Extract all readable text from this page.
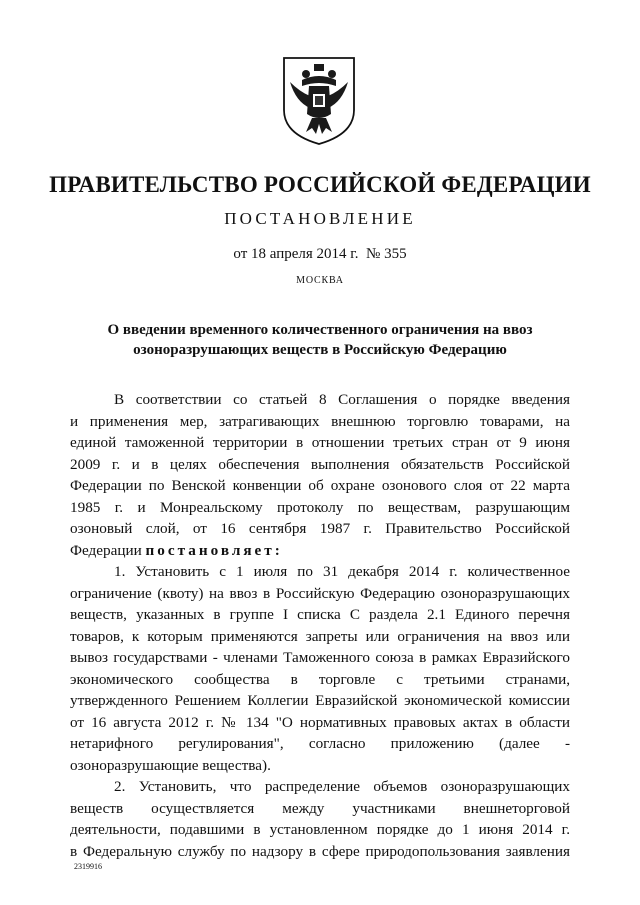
ПРАВИТЕЛЬСТВО РОССИЙСКОЙ ФЕДЕРАЦИИ
ПОСТАНОВЛЕНИЕ
от 18 апреля 2014 г. № 355
МОСКВА
О введении временного количественного ограничения на ввоз
озоноразрушающих веществ в Российскую Федерацию
В соответствии со статьей 8 Соглашения о порядке введения
и применения мер, затрагивающих внешнюю торговлю товарами, на
единой таможенной территории в отношении третьих стран от 9 июня
2009 г. и в целях обеспечения выполнения обязательств Российской
Федерации по Венской конвенции об охране озонового слоя от 22 марта
1985 г. и Монреальскому протоколу по веществам, разрушающим
озоновый слой, от 16 сентября 1987 г. Правительство Российской
Федерации постановляет:
1. Установить с 1 июля по 31 декабря 2014 г. количественное
ограничение (квоту) на ввоз в Российскую Федерацию озоноразрушающих
веществ, указанных в группе I списка С раздела 2.1 Единого перечня
товаров, к которым применяются запреты или ограничения на ввоз или
вывоз государствами - членами Таможенного союза в рамках Евразийского
экономического сообщества в торговле с третьими странами,
утвержденного Решением Коллегии Евразийской экономической комиссии
от 16 августа 2012 г. № 134 "О нормативных правовых актах в области
нетарифного регулирования", согласно приложению (далее -
озоноразрушающие вещества).
2. Установить, что распределение объемов озоноразрушающих
веществ осуществляется между участниками внешнеторговой
деятельности, подавшими в установленном порядке до 1 июня 2014 г.
в Федеральную службу по надзору в сфере природопользования заявления
2319916
